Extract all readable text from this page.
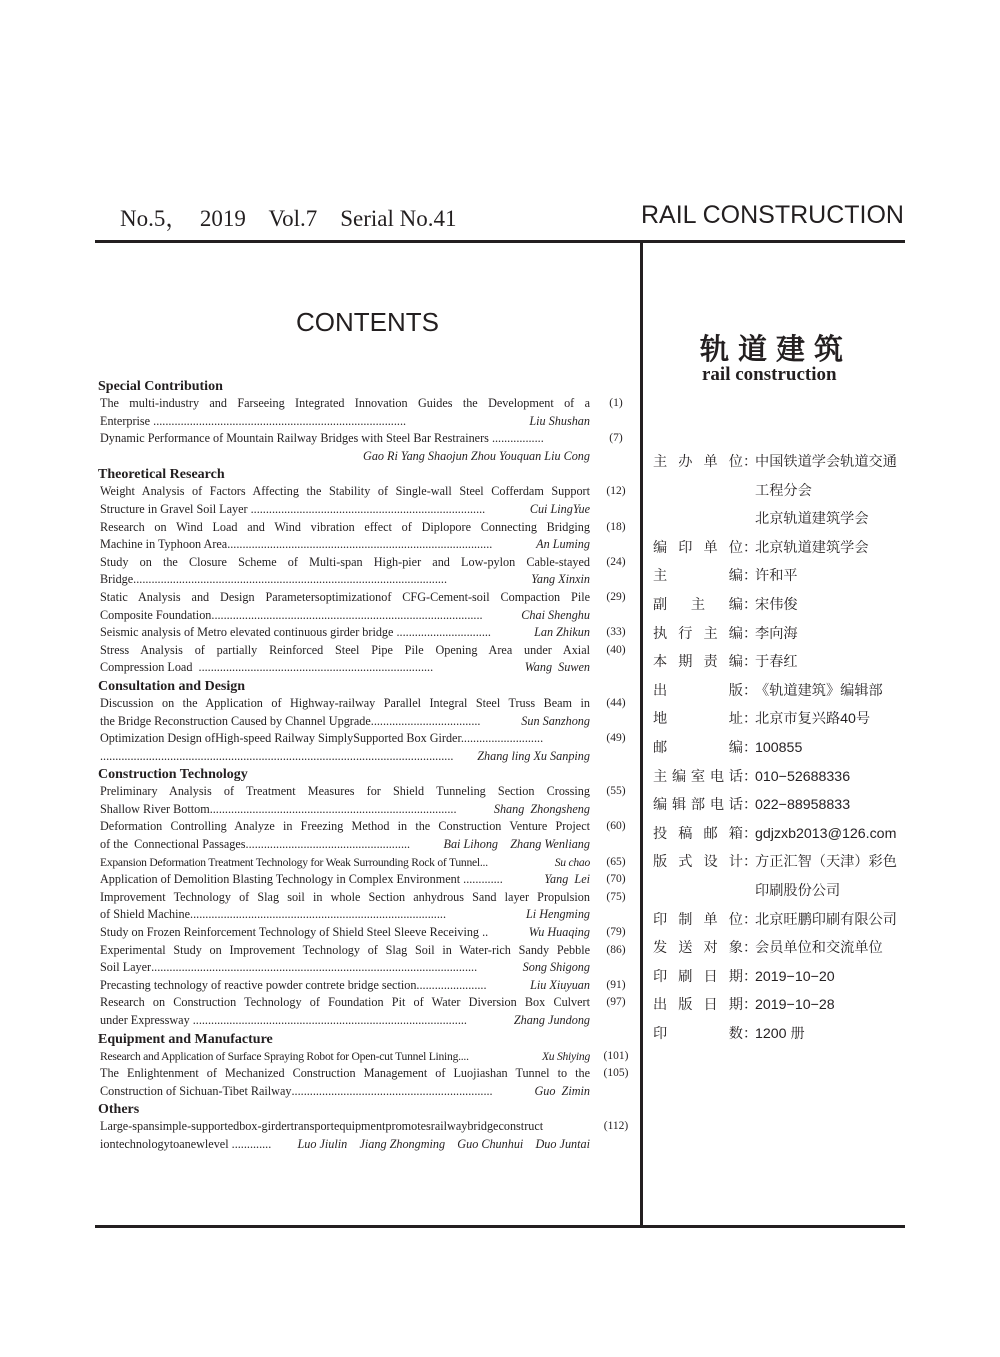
No.5，  2019    Vol.7    Serial No.41	RAIL CONSTRUCTION
CONTENTS
Special Contribution
The multi-industry and Farseeing Integrated Innovation Guides the Development of a	(1)
Enterprise ...................................................................................	Liu Shushan
Dynamic Performance of Mountain Railway Bridges with Steel Bar Restrainers .................	(7)
Gao Ri Yang Shaojun Zhou Youquan Liu Cong
Theoretical Research
Weight Analysis of Factors Affecting the Stability of Single-wall Steel Cofferdam Support	(12)
Structure in Gravel Soil Layer .............................................................................	Cui LingYue
Research on Wind Load and Wind vibration effect of Diplopore Connecting Bridging	(18)
Machine in Typhoon Area .......................................................................................	An Luming
Study on the Closure Scheme of Multi-span High-pier and Low-pylon Cable-stayed	(24)
Bridge .......................................................................................................	Yang Xinxin
Static Analysis and Design Parametersoptimizationof CFG-Cement-soil Compaction Pile	(29)
Composite Foundation .........................................................................................	Chai Shenghu
Seismic analysis of Metro elevated continuous girder bridge ...............................	Lan Zhikun	(33)
Stress Analysis of partially Reinforced Steel Pipe Pile Opening Area under Axial	(40)
Compression Load .............................................................................	Wang  Suwen
Consultation and Design
Discussion on the Application of Highway-railway Parallel Integral Steel Truss Beam in	(44)
the Bridge Reconstruction Caused by Channel Upgrade ....................................	Sun Sanzhong
Optimization Design ofHigh-speed Railway SimplySupported Box Girder...........................	(49)
....................................................................................................................	Zhang ling Xu Sanping
Construction Technology
Preliminary Analysis of Treatment Measures for Shield Tunneling Section Crossing	(55)
Shallow River Bottom .................................................................................	Shang  Zhongsheng
Deformation Controlling Analyze in Freezing Method in the Construction Venture Project	(60)
of the  Connectional Passages ......................................................	Bai Lihong    Zhang Wenliang
Expansion Deformation Treatment Technology for Weak Surrounding Rock of Tunnel ...	Su chao	(65)
Application of Demolition Blasting Technology in Complex Environment .............	Yang  Lei	(70)
Improvement Technology of Slag soil in whole Section anhydrous Sand layer Propulsion	(75)
of Shield Machine ....................................................................................	Li Hengming
Study on Frozen Reinforcement Technology of Shield Steel Sleeve Receiving ..	Wu Huaqing	(79)
Experimental Study on Improvement Technology of Slag Soil in Water-rich Sandy Pebble	(86)
Soil Layer ...........................................................................................................	Song Shigong
Precasting technology of reactive powder contrete bridge section .......................	Liu Xiuyuan	(91)
Research on Construction Technology of Foundation Pit of Water Diversion Box Culvert	(97)
under Expressway ..........................................................................................	Zhang Jundong
Equipment and Manufacture
Research and Application of Surface Spraying Robot for Open-cut Tunnel Lining ....	Xu Shiying (101)
The Enlightenment of Mechanized Construction Management of Luojiashan Tunnel to the (105)
Construction of Sichuan-Tibet Railway ..................................................................	Guo  Zimin
Others
Large-spansimple-supportedbox-girdertransportequipmentpromotesrailwaybridgeconstruct	(112)
iontechnologytoanewlevel .............	Luo Jiulin    Jiang Zhongming    Guo Chunhui    Duo Juntai
轨道建筑
rail construction
主办单位 ：
中国铁道学会轨道交通
工程分会
北京轨道建筑学会
编印单位 ：
北京轨道建筑学会
主编 ：
许和平
副主编 ：
宋伟俊
执行主编 ：
李向海
本期责编 ：
于春红
出版 ：
《轨道建筑》编辑部
地址 ：
北京市复兴路40号
邮编 ：
100855
主编室电话 ：
010−52688336
编辑部电话 ：
022−88958833
投稿邮箱 ：
gdjzxb2013@126.com
版式设计 ：
方正汇智（天津）彩色
印刷股份公司
印制单位 ：
北京旺鹏印刷有限公司
发送对象 ：
会员单位和交流单位
印刷日期 ：
2019−10−20
出版日期 ：
2019−10−28
印数 ：
1200 册
